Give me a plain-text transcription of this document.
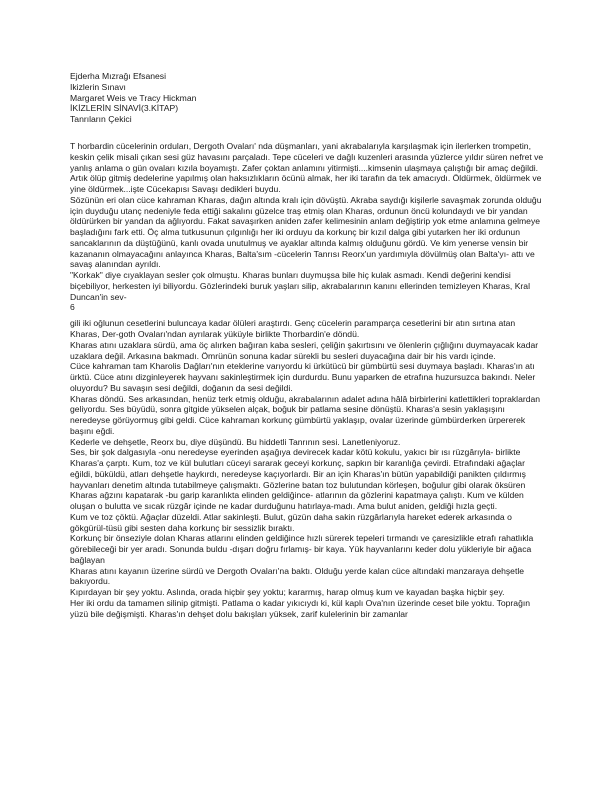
Ejderha Mızrağı Efsanesi
Ikizlerin Sınavı
Margaret Weis ve Tracy Hickman
İKİZLERİN SİNAVİ(3.KİTAP)
Tanrıların Çekici

T horbardin cücelerinin orduları, Dergoth Ovaları' nda düşmanları, yani akrabalarıyla karşılaşmak için ilerlerken trompetin, keskin çelik misali çıkan sesi güz havasını parçaladı. Tepe cüceleri ve dağlı kuzenleri arasında yüzlerce yıldır süren nefret ve yanlış anlama o gün ovaları kızıla boyamıştı. Zafer çoktan anlamını yitirmişti....kimsenin ulaşmaya çalıştığı bir amaç değildi. Artık ölüp gitmiş dedelerine yapılmış olan haksızlıkların öcünü almak, her iki tarafın da tek amacıydı. Öldürmek, öldürmek ve yine öldürmek...işte Cücekapısı Savaşı dedikleri buydu.

Sözünün eri olan cüce kahraman Kharas, dağın altında kralı için dövüştü. Akraba saydığı kişilerle savaşmak zorunda olduğu için duyduğu utanç nedeniyle feda ettiği sakalını güzelce traş etmiş olan Kharas, ordunun öncü kolundaydı ve bir yandan öldürürken bir yandan da ağlıyordu. Fakat savaşırken aniden zafer kelimesinin anlam değiştirip yok etme anlamına gelmeye başladığını fark etti. Öç alma tutkusunun çılgınlığı her iki orduyu da korkunç bir kızıl dalga gibi yutarken her iki ordunun sancaklarının da düştüğünü, kanlı ovada unutulmuş ve ayaklar altında kalmış olduğunu gördü. Ve kim yenerse vensin bir kazananın olmayacağını anlayınca Kharas, Balta'sım -cücelerin Tanrısı Reorx'un yardımıyla dövülmüş olan Balta'yı- attı ve savaş alanından ayrıldı.

"Korkak" diye cıyaklayan sesler çok olmuştu. Kharas bunları duymuşsa bile hiç kulak asmadı. Kendi değerini kendisi biçebiliyor, herkesten iyi biliyordu. Gözlerindeki buruk yaşları silip, akrabalarının kanını ellerinden temizleyen Kharas, Kral Duncan'in sev-

6

gili iki oğlunun cesetlerini bulunca​ya kadar ölüleri araştırdı. Genç cücelerin paramparça cesetlerini bir atın sırtına atan Kharas, Der-goth Ovaları'ndan ayrılarak yüküyle birlikte Thorbardin'e döndü.

Kharas atını uzaklara sürdü, ama öç alırken bağıran kaba sesleri, çeliğin şakırtısını ve ölenlerin çığlığını duymayacak kadar uzaklara değil. Arkasına bakmadı. Ömrünün sonuna kadar sürekli bu sesleri duyacağına dair bir his vardı içinde.

Cüce kahraman tam Kharolis Dağları'nın eteklerine varıyordu ki ürkütücü bir gümbürtü sesi duymaya başladı. Kharas'ın atı ürktü. Cüce atını dizginleyerek hayvanı sakinleştirmek için durdurdu. Bunu yaparken de etrafına huzursuzca bakındı. Neler oluyordu? Bu savaşın sesi değildi, doğanın da sesi değildi.

Kharas döndü. Ses arkasından, henüz terk etmiş olduğu, akrabalarının adalet adına hâlâ birbirlerini katlettikleri topraklardan geliyordu. Ses büyüdü, sonra gitgide yükselen alçak, boğuk bir patlama sesine dönüştü. Kharas'a sesin yaklaşışını neredeyse görüyormuş gibi geldi. Cüce kahraman korkunç gümbürtü yaklaşıp, ovalar üzerinde gümbürderken ürpererek başını eğdi.

Kederle ve dehşetle, Reorx bu, diye düşündü. Bu hiddetli Tanrının sesi. Lanetleniyoruz.

Ses, bir şok dalgasıyla -onu neredeyse eyerinden aşağıya devirecek kadar kötü kokulu, yakıcı bir ısı rüzgârıyla- birlikte Kharas'a çarptı. Kum, toz ve kül bulutları cüceyi sararak geceyi korkunç, sapkın bir karanlığa çevirdi. Etrafındaki ağaçlar eğildi, büküldü, atları dehşetle haykırdı, neredeyse kaçıyorlardı. Bir an için Kharas'ın bütün yapabildiği panikten çıldırmış hayvanları denetim altında tutabilmeye çalışmaktı. Gözlerine batan toz bulutundan körleşen, boğulur gibi olarak öksüren Kharas ağzını kapatarak -bu garip karanlıkta elinden geldiğince- atlarının da gözlerini kapatmaya çalıştı. Kum ve külden oluşan o bulutta ve sıcak rüzgâr içinde ne kadar durduğunu hatırlaya-madı. Ama bulut aniden, geldiği hızla geçti.

Kum ve toz çöktü. Ağaçlar düzeldi. Atlar sakinleşti. Bulut, güzün daha sakin rüzgârlarıyla hareket ederek arkasında o gökgürül-tüsü gibi sesten daha korkunç bir sessizlik bıraktı.

Korkunç bir önseziyle dolan Kharas atlarını elinden geldiğince hızlı sürerek tepeleri tırmandı ve çaresizlikle etrafı rahatlıkla görebileceği bir yer aradı. Sonunda buldu -dışarı doğru fırlamış- bir kaya. Yük hayvanlarını keder dolu yükleriyle bir ağaca bağlayan

Kharas atını kayanın üzerine sürdü ve Dergoth Ovaları'na baktı. Olduğu yerde kalan cüce altındaki manzaraya dehşetle bakıyordu.

Kıpırdayan bir şey yoktu. Aslında, orada hiçbir şey yoktu; kararmış, harap olmuş kum ve kayadan başka hiçbir şey.

Her iki ordu da tamamen silinip gitmişti. Patlama o kadar yıkıcıydı ki, kül kaplı Ova'nın üzerinde ceset bile yoktu. Toprağın yüzü bile değişmişti. Kharas'ın dehşet dolu bakışları yüksek, zarif kulelerinin bir zamanlar
